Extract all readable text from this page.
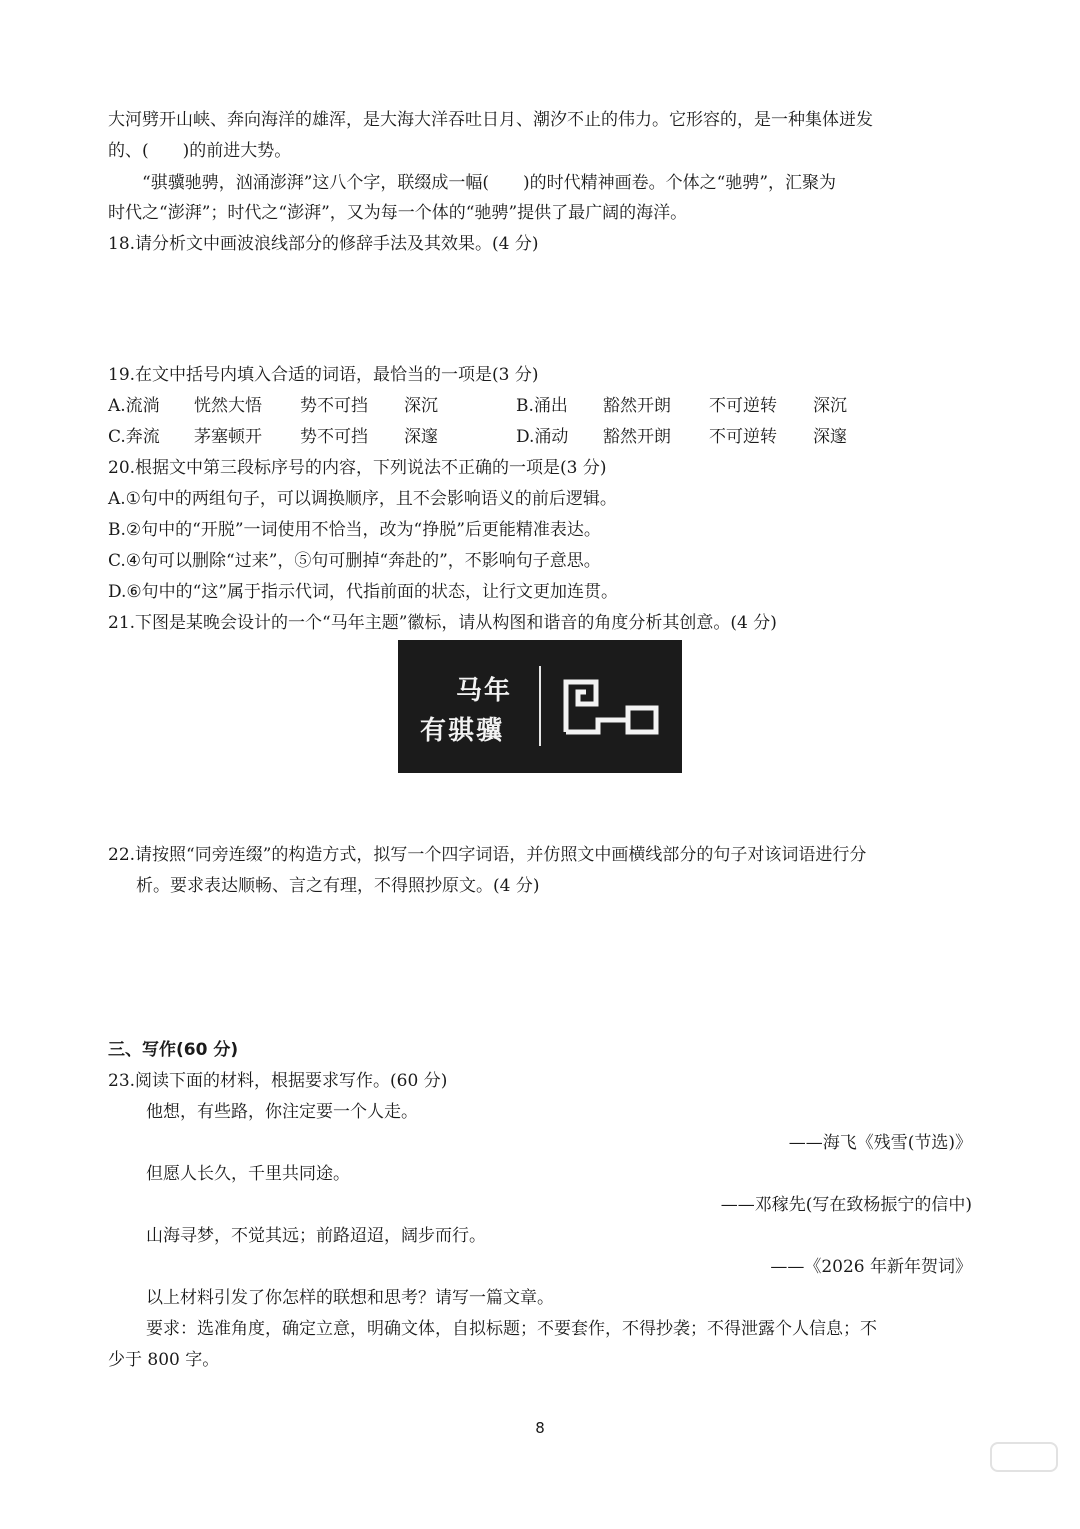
大河劈开山峡、奔向海洋的雄浑，是大海大洋吞吐日月、潮汐不止的伟力。它形容的，是一种集体迸发
的、(　　)的前进大势。
“骐骥驰骋，汹涌澎湃”这八个字，联缀成一幅(　　)的时代精神画卷。个体之“驰骋”，汇聚为
时代之“澎湃”；时代之“澎湃”，又为每一个体的“驰骋”提供了最广阔的海洋。
18.请分析文中画波浪线部分的修辞手法及其效果。(4 分)
19.在文中括号内填入合适的词语，最恰当的一项是(3 分)
A.流淌 恍然大悟 势不可挡 深沉	B.涌出 豁然开朗 不可逆转 深沉
C.奔流 茅塞顿开 势不可挡 深邃	D.涌动 豁然开朗 不可逆转 深邃
20.根据文中第三段标序号的内容，下列说法不正确的一项是(3 分)
A.①句中的两组句子，可以调换顺序，且不会影响语义的前后逻辑。
B.②句中的“开脱”一词使用不恰当，改为“挣脱”后更能精准表达。
C.④句可以删除“过来”，⑤句可删掉“奔赴的”，不影响句子意思。
D.⑥句中的“这”属于指示代词，代指前面的状态，让行文更加连贯。
21.下图是某晚会设计的一个“马年主题”徽标，请从构图和谐音的角度分析其创意。(4 分)
马年
有骐骥
22.请按照“同旁连缀”的构造方式，拟写一个四字词语，并仿照文中画横线部分的句子对该词语进行分
析。要求表达顺畅、言之有理，不得照抄原文。(4 分)
三、写作(60 分)
23.阅读下面的材料，根据要求写作。(60 分)
他想，有些路，你注定要一个人走。
——海飞《残雪(节选)》
但愿人长久，千里共同途。
——邓稼先(写在致杨振宁的信中)
山海寻梦，不觉其远；前路迢迢，阔步而行。
——《2026 年新年贺词》
以上材料引发了你怎样的联想和思考？请写一篇文章。
要求：选准角度，确定立意，明确文体，自拟标题；不要套作，不得抄袭；不得泄露个人信息；不
少于 800 字。
8
